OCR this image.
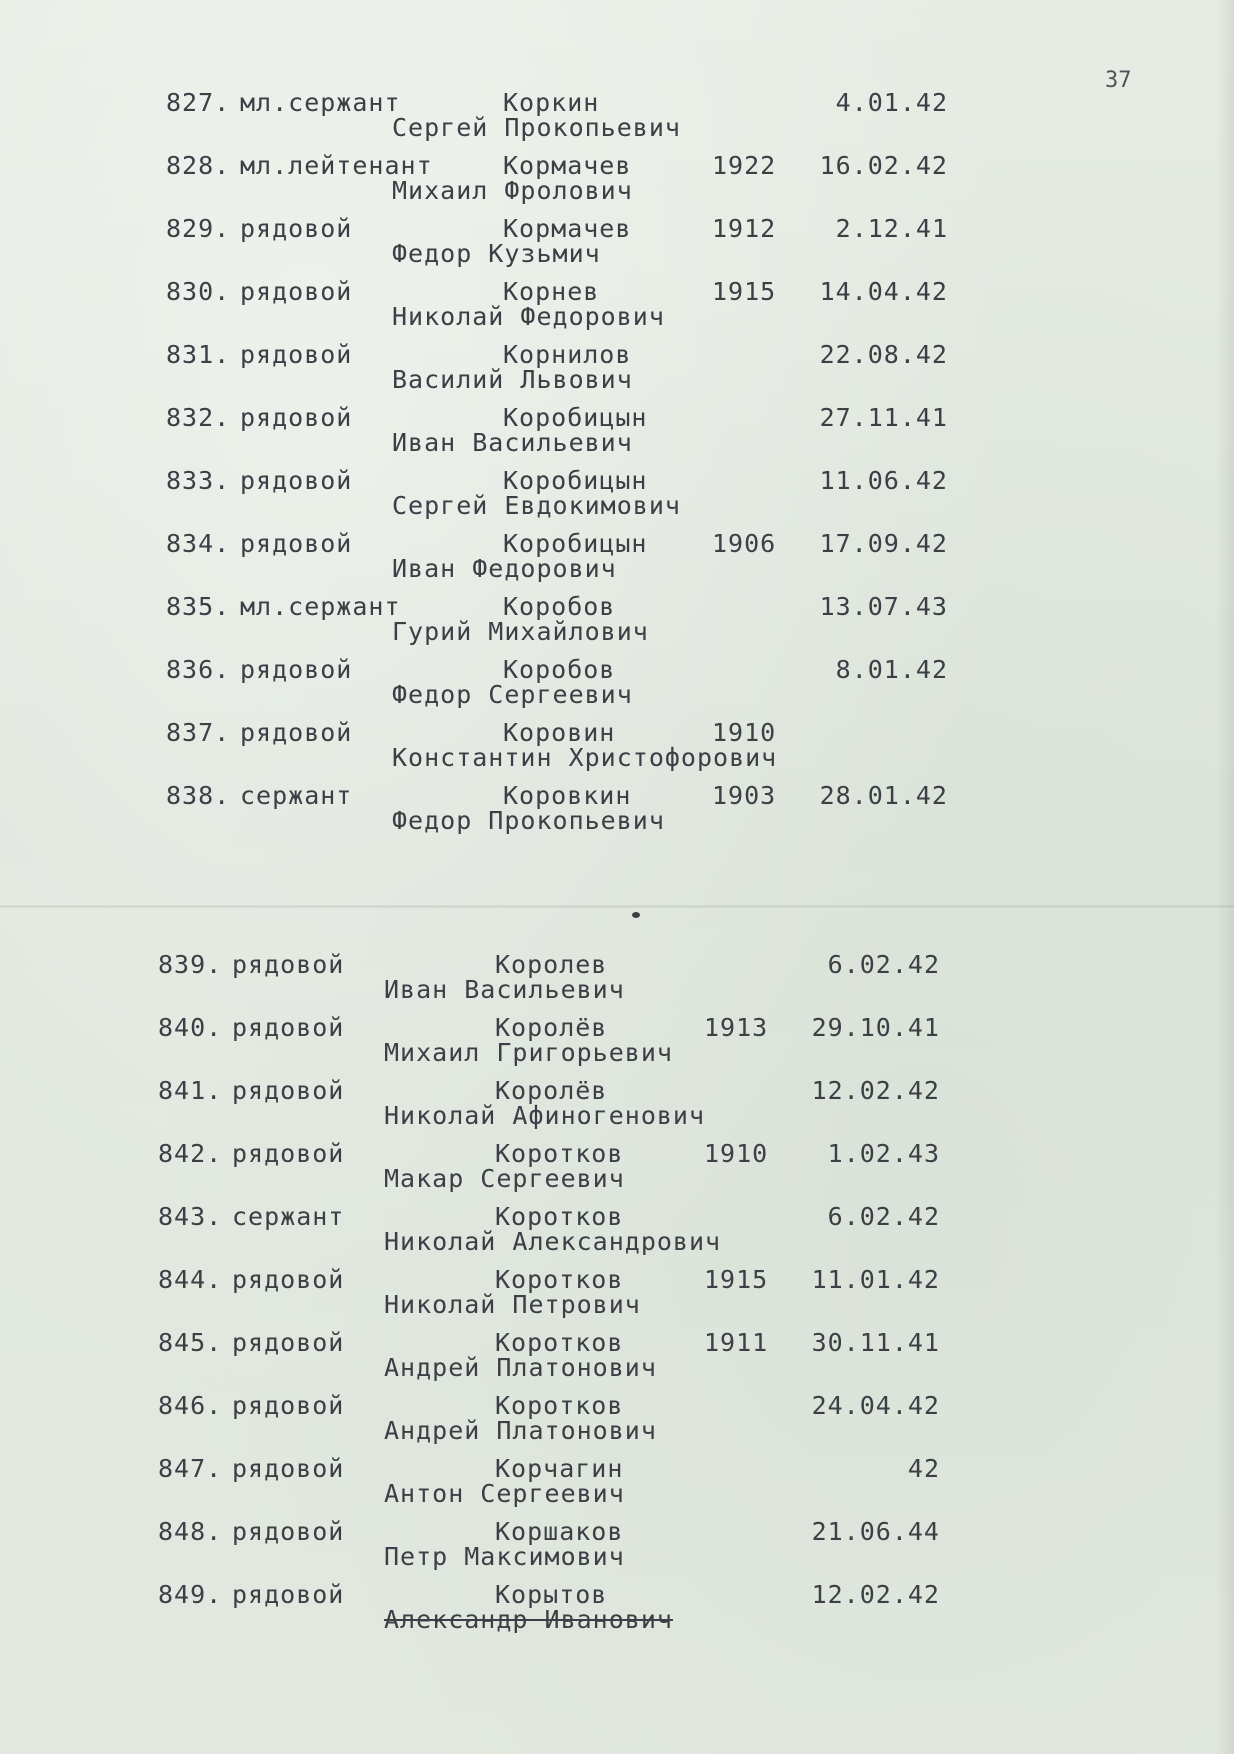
37
827. мл.сержант	Коркин	4.01.42
Сергей Прокопьевич
828. мл.лейтенант	Кормачев	1922	16.02.42
Михаил Фролович
829. рядовой	Кормачев	1912	2.12.41
Федор Кузьмич
830. рядовой	Корнев	1915	14.04.42
Николай Федорович
831. рядовой	Корнилов	22.08.42
Василий Львович
832. рядовой	Коробицын	27.11.41
Иван Васильевич
833. рядовой	Коробицын	11.06.42
Сергей Евдокимович
834. рядовой	Коробицын	1906	17.09.42
Иван Федорович
835. мл.сержант	Коробов	13.07.43
Гурий Михайлович
836. рядовой	Коробов	8.01.42
Федор Сергеевич
837. рядовой	Коровин	1910
Константин Христофорович
838. сержант	Коровкин	1903	28.01.42
Федор Прокопьевич
839. рядовой	Королев	6.02.42
Иван Васильевич
840. рядовой	Королёв	1913	29.10.41
Михаил Григорьевич
841. рядовой	Королёв	12.02.42
Николай Афиногенович
842. рядовой	Коротков	1910	1.02.43
Макар Сергеевич
843. сержант	Коротков	6.02.42
Николай Александрович
844. рядовой	Коротков	1915	11.01.42
Николай Петрович
845. рядовой	Коротков	1911	30.11.41
Андрей Платонович
846. рядовой	Коротков	24.04.42
Андрей Платонович
847. рядовой	Корчагин	42
Антон Сергеевич
848. рядовой	Коршаков	21.06.44
Петр Максимович
849. рядовой	Корытов	12.02.42
Александр Иванович
